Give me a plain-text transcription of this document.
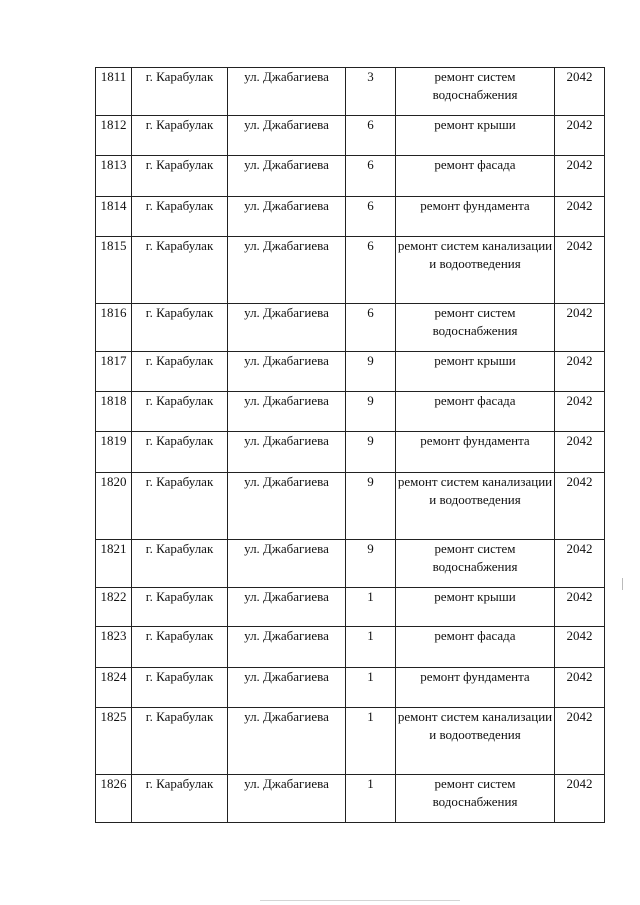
1811	г. Карабулак	ул. Джабагиева	3	ремонт систем водоснабжения	2042
1812	г. Карабулак	ул. Джабагиева	6	ремонт крыши	2042
1813	г. Карабулак	ул. Джабагиева	6	ремонт фасада	2042
1814	г. Карабулак	ул. Джабагиева	6	ремонт фундамента	2042
1815	г. Карабулак	ул. Джабагиева	6	ремонт систем канализации и водоотведения	2042
1816	г. Карабулак	ул. Джабагиева	6	ремонт систем водоснабжения	2042
1817	г. Карабулак	ул. Джабагиева	9	ремонт крыши	2042
1818	г. Карабулак	ул. Джабагиева	9	ремонт фасада	2042
1819	г. Карабулак	ул. Джабагиева	9	ремонт фундамента	2042
1820	г. Карабулак	ул. Джабагиева	9	ремонт систем канализации и водоотведения	2042
1821	г. Карабулак	ул. Джабагиева	9	ремонт систем водоснабжения	2042
1822	г. Карабулак	ул. Джабагиева	1	ремонт крыши	2042
1823	г. Карабулак	ул. Джабагиева	1	ремонт фасада	2042
1824	г. Карабулак	ул. Джабагиева	1	ремонт фундамента	2042
1825	г. Карабулак	ул. Джабагиева	1	ремонт систем канализации и водоотведения	2042
1826	г. Карабулак	ул. Джабагиева	1	ремонт систем водоснабжения	2042
